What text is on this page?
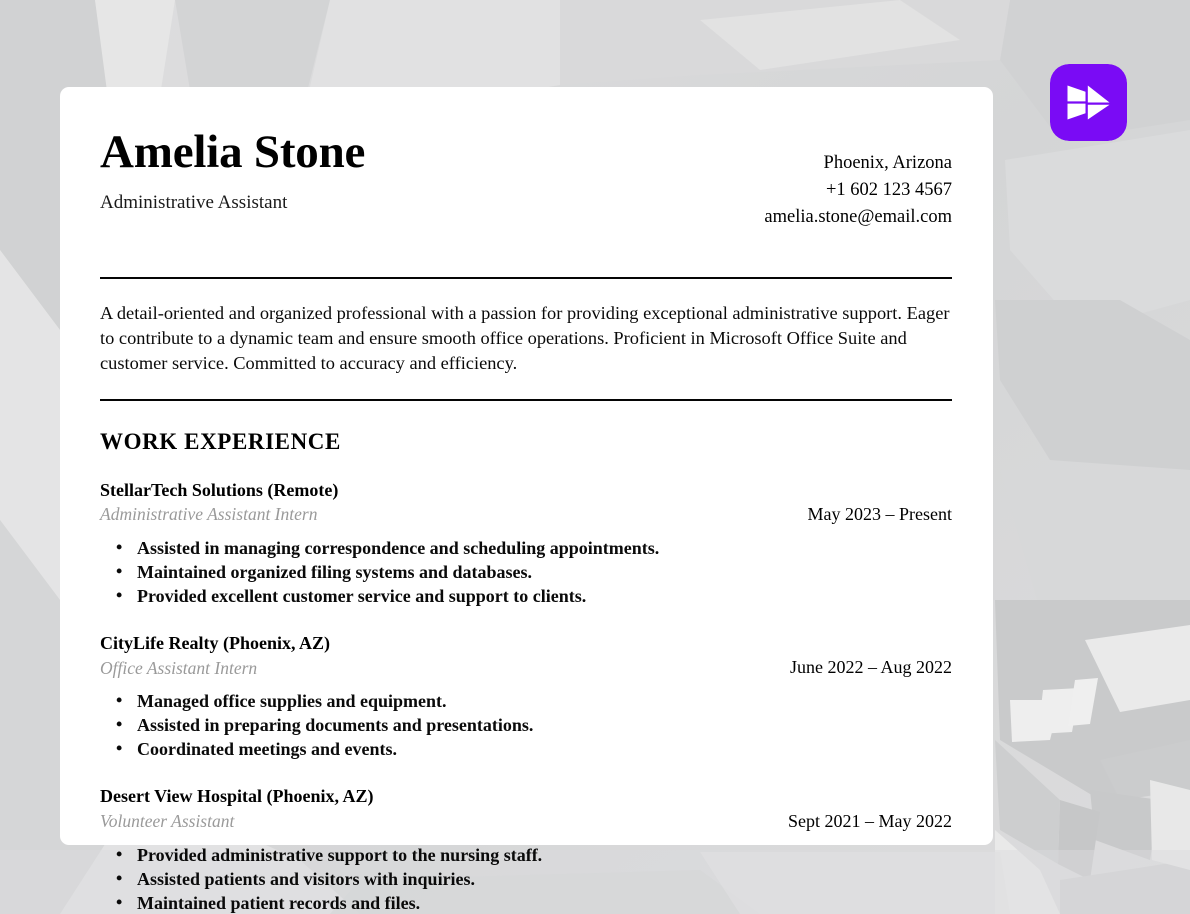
Amelia Stone
Administrative Assistant
Phoenix, Arizona
+1 602 123 4567
amelia.stone@email.com

A detail-oriented and organized professional with a passion for providing exceptional administrative support. Eager to contribute to a dynamic team and ensure smooth office operations. Proficient in Microsoft Office Suite and customer service. Committed to accuracy and efficiency.

WORK EXPERIENCE
StellarTech Solutions (Remote)
Administrative Assistant Intern	May 2023 – Present
• Assisted in managing correspondence and scheduling appointments.
• Maintained organized filing systems and databases.
• Provided excellent customer service and support to clients.
CityLife Realty (Phoenix, AZ)
Office Assistant Intern	June 2022 – Aug 2022
• Managed office supplies and equipment.
• Assisted in preparing documents and presentations.
• Coordinated meetings and events.
Desert View Hospital (Phoenix, AZ)
Volunteer Assistant	Sept 2021 – May 2022
• Provided administrative support to the nursing staff.
• Assisted patients and visitors with inquiries.
• Maintained patient records and files.
